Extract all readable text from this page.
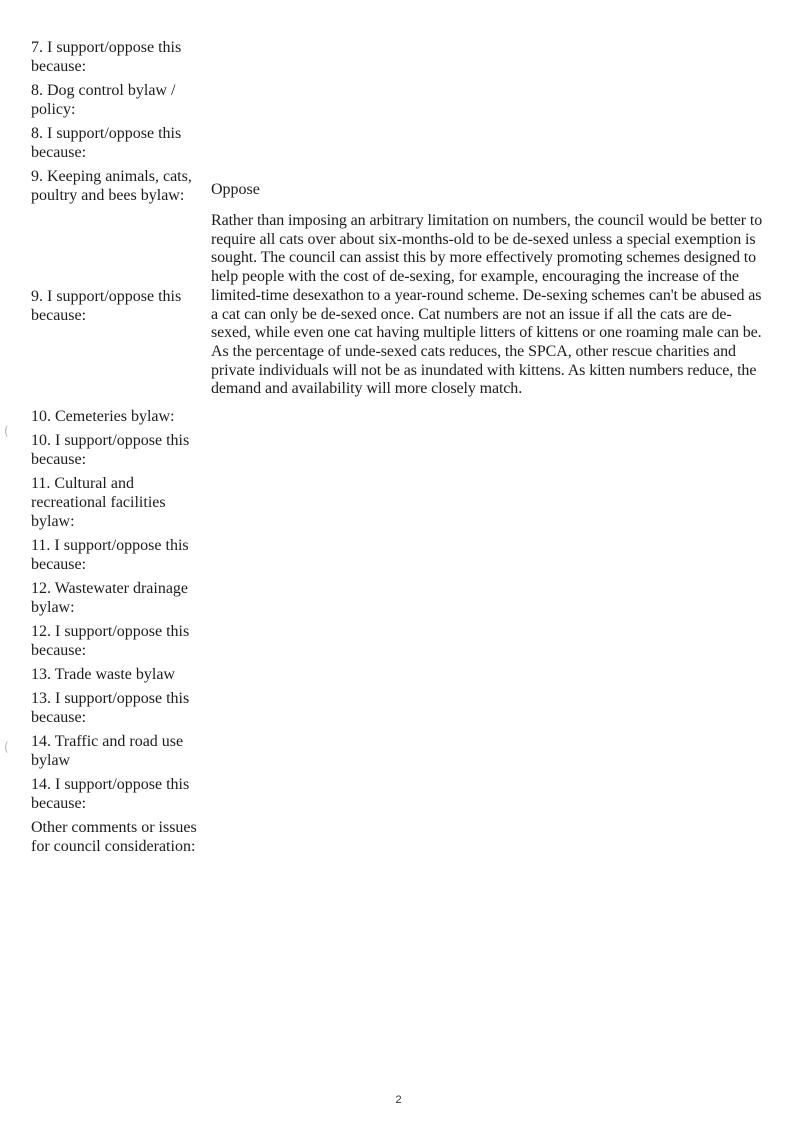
7. I support/oppose this because:	

8. Dog control bylaw / policy:	

8. I support/oppose this because:	

9. Keeping animals, cats, poultry and bees bylaw:	Oppose

9. I support/oppose this because:	Rather than imposing an arbitrary limitation on numbers, the council would be better to require all cats over about six-months-old to be de-sexed unless a special exemption is sought. The council can assist this by more effectively promoting schemes designed to help people with the cost of de-sexing, for example, encouraging the increase of the limited-time desexathon to a year-round scheme. De-sexing schemes can't be abused as a cat can only be de-sexed once. Cat numbers are not an issue if all the cats are de-sexed, while even one cat having multiple litters of kittens or one roaming male can be. As the percentage of unde-sexed cats reduces, the SPCA, other rescue charities and private individuals will not be as inundated with kittens. As kitten numbers reduce, the demand and availability will more closely match.

10. Cemeteries bylaw:	

10. I support/oppose this because:	

11. Cultural and recreational facilities bylaw:	

11. I support/oppose this because:	

12. Wastewater drainage bylaw:	

12. I support/oppose this because:	

13. Trade waste bylaw	

13. I support/oppose this because:	

14. Traffic and road use bylaw	

14. I support/oppose this because:	

Other comments or issues for council consideration:	

(
(
2
